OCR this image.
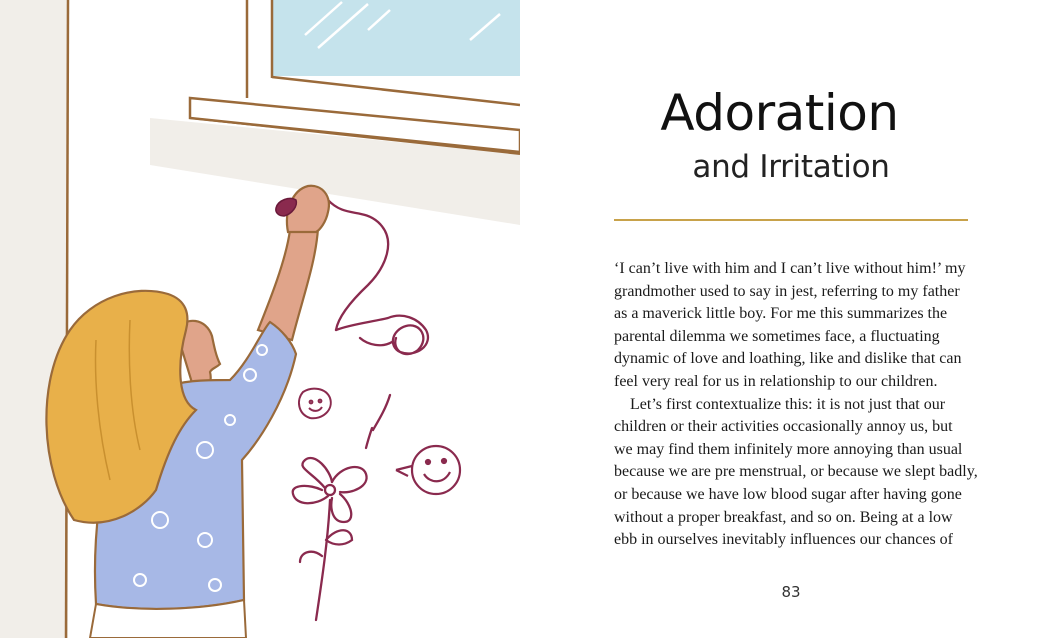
Adoration
and Irritation

‘I can’t live with him and I can’t live without him!’ my
grandmother used to say in jest, referring to my father
as a maverick little boy. For me this summarizes the
parental dilemma we sometimes face, a fluctuating
dynamic of love and loathing, like and dislike that can
feel very real for us in relationship to our children.

Let’s first contextualize this: it is not just that our
children or their activities occasionally annoy us, but
we may find them infinitely more annoying than usual
because we are pre menstrual, or because we slept badly,
or because we have low blood sugar after having gone
without a proper breakfast, and so on. Being at a low
ebb in ourselves inevitably influences our chances of

83
